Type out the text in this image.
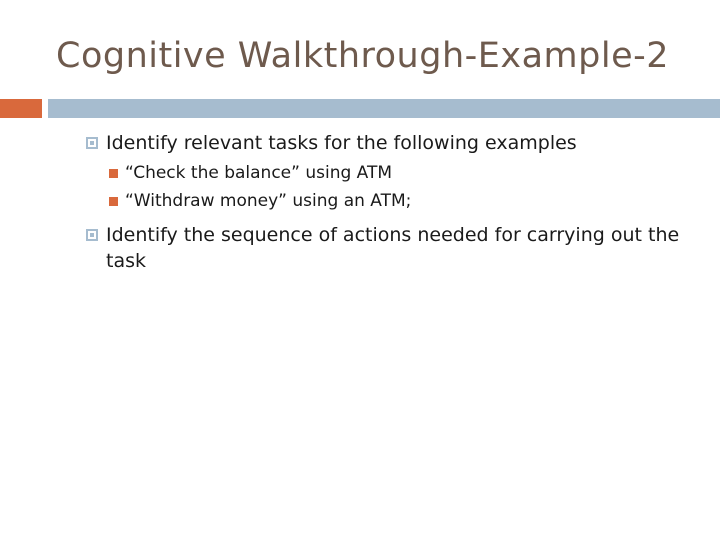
Cognitive Walkthrough-Example-2
Identify relevant tasks for the following examples
“Check the balance” using ATM
“Withdraw money” using an ATM;
Identify the sequence of actions needed for carrying out the
task
